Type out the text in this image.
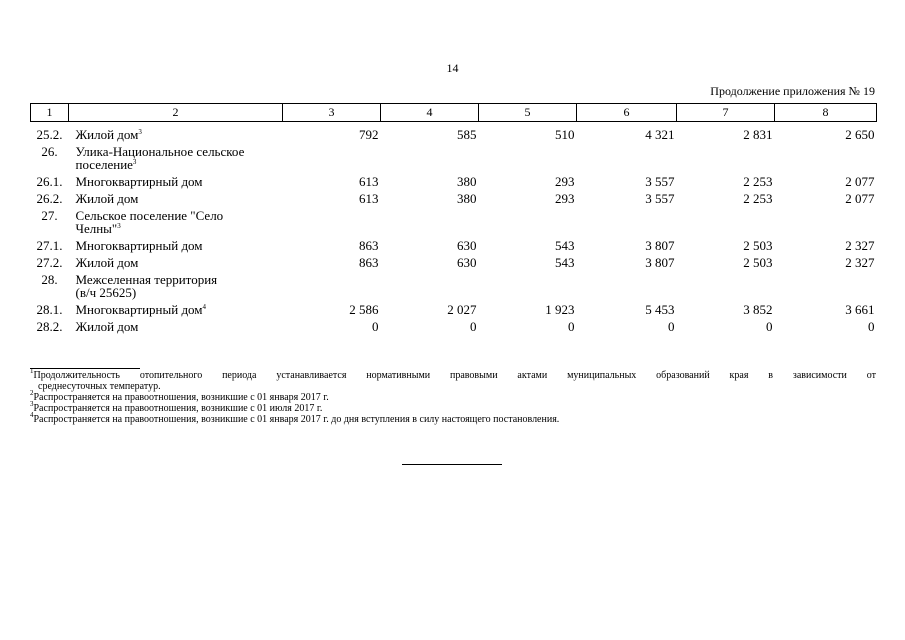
14
Продолжение приложения № 19
1	2	3	4	5	6	7	8
25.2.	Жилой дом$^3$	792	585	510	4 321	2 831	2 650
26.	Улика-Национальное сельское
поселение$^3$

26.1.	Многоквартирный дом	613	380	293	3 557	2 253	2 077
26.2.	Жилой дом	613	380	293	3 557	2 253	2 077
27.	Сельское поселение "Село
Челны"$^3$

27.1.	Многоквартирный дом	863	630	543	3 807	2 503	2 327
27.2.	Жилой дом	863	630	543	3 807	2 503	2 327
28.	Межселенная территория
(в/ч 25625)						

28.1.	Многоквартирный дом$^4$	2 586	2 027	1 923	5 453	3 852	3 661
28.2.	Жилой дом	0	0	0	0	0	0
$^1$Продолжительность отопительного периода устанавливается нормативными правовыми актами муниципальных образований края в зависимости от
среднесуточных температур.
$^2$Распространяется на правоотношения, возникшие с 01 января 2017 г.
$^3$Распространяется на правоотношения, возникшие с 01 июля 2017 г.
$^4$Распространяется на правоотношения, возникшие с 01 января 2017 г. до дня вступления в силу настоящего постановления.
